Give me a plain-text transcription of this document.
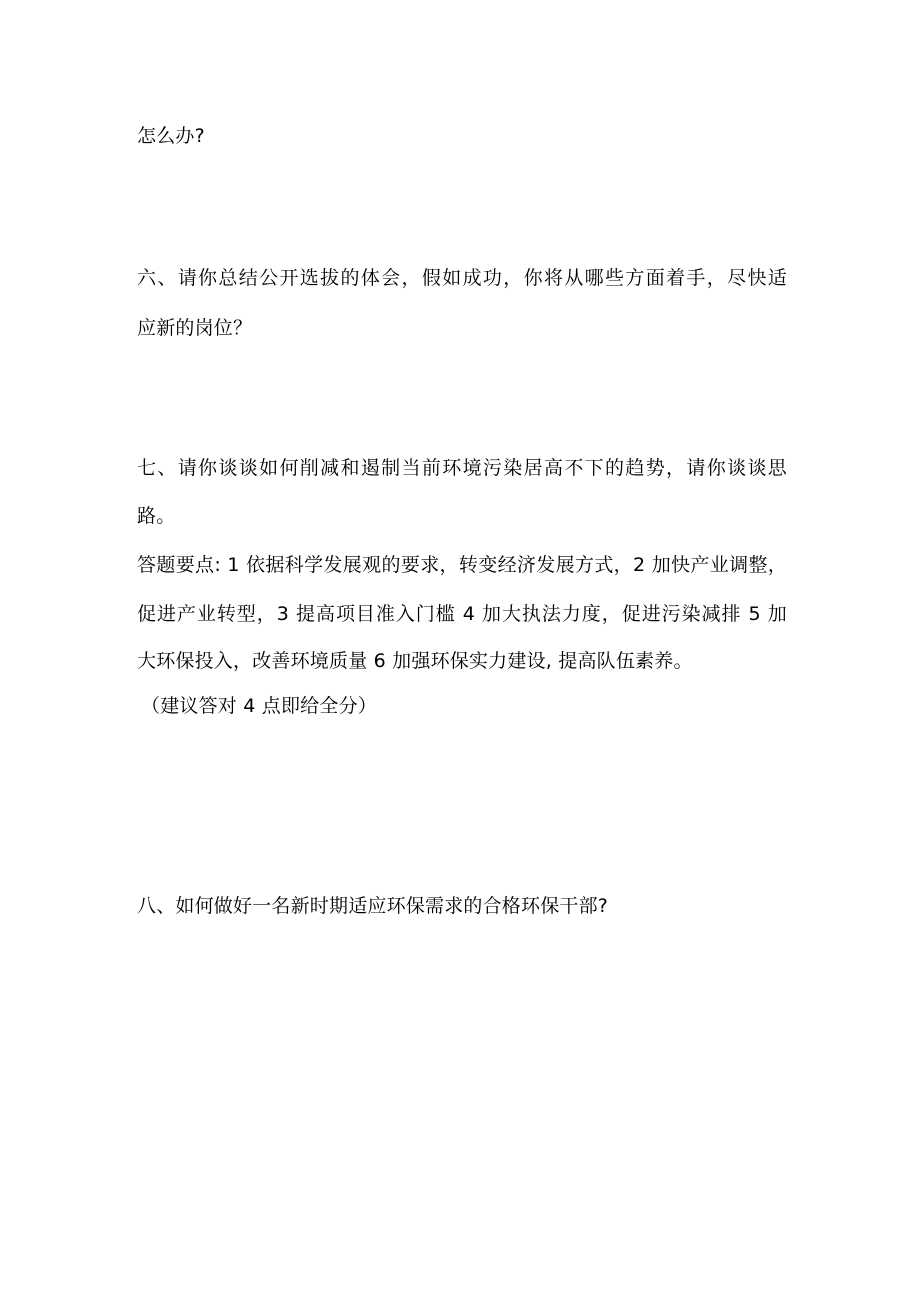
怎么办?
六、请你总结公开选拔的体会，假如成功，你将从哪些方面着手，尽快适
应新的岗位？
七、请你谈谈如何削减和遏制当前环境污染居高不下的趋势，请你谈谈思
路。
答题要点: 1 依据科学发展观的要求，转变经济发展方式，2 加快产业调整，
促进产业转型，3 提高项目准入门槛 4 加大执法力度，促进污染减排 5 加
大环保投入，改善环境质量 6 加强环保实力建设, 提高队伍素养。
（建议答对 4 点即给全分）
八、如何做好一名新时期适应环保需求的合格环保干部?
